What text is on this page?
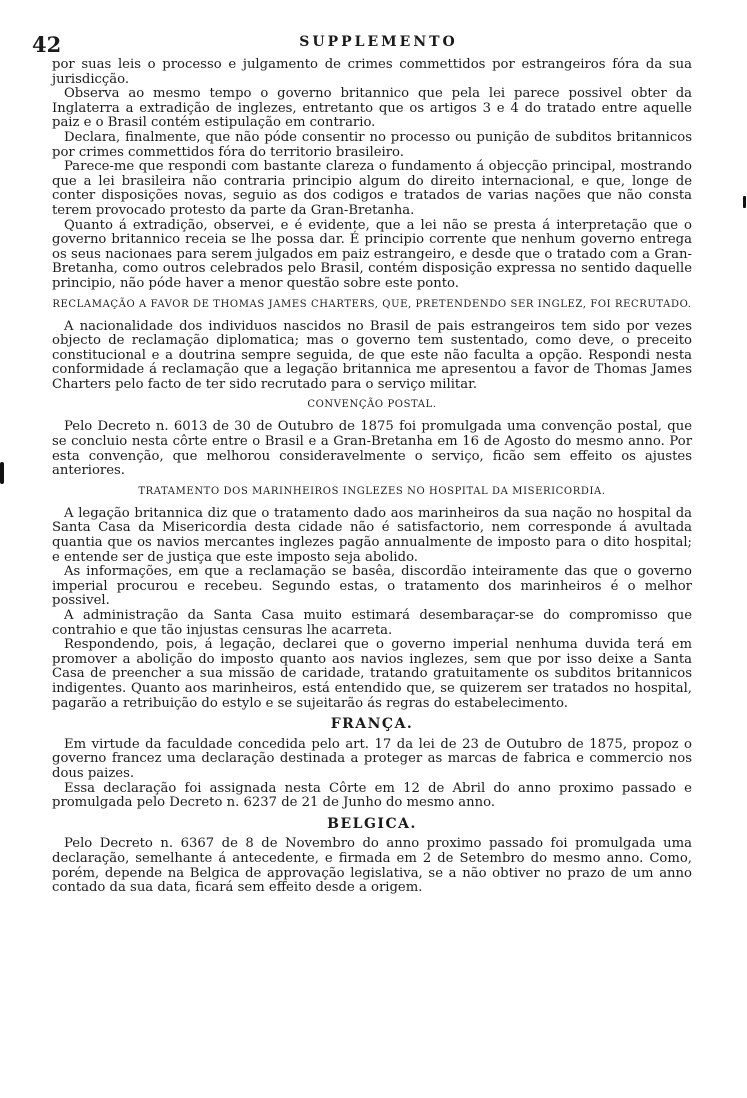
42	SUPPLEMENTO

por suas leis o processo e julgamento de crimes commettidos por estrangeiros fóra da sua jurisdicção.

Observa ao mesmo tempo o governo britannico que pela lei parece possivel obter da Inglaterra a extradição de inglezes, entretanto que os artigos 3 e 4 do tratado entre aquelle paiz e o Brasil contém estipulação em contrario.

Declara, finalmente, que não póde consentir no processo ou punição de subditos britannicos por crimes commettidos fóra do territorio brasileiro.

Parece-me que respondi com bastante clareza o fundamento á objecção principal, mostrando que a lei brasileira não contraria principio algum do direito internacional, e que, longe de conter disposições novas, seguio as dos codigos e tratados de varias nações que não consta terem provocado protesto da parte da Gran-Bretanha.

Quanto á extradição, observei, e é evidente, que a lei não se presta á interpretação que o governo britannico receia se lhe possa dar. É principio corrente que nenhum governo entrega os seus nacionaes para serem julgados em paiz estrangeiro, e desde que o tratado com a Gran-Bretanha, como outros celebrados pelo Brasil, contém disposição expressa no sentido daquelle principio, não póde haver a menor questão sobre este ponto.

RECLAMAÇÃO A FAVOR DE THOMAS JAMES CHARTERS, QUE, PRETENDENDO SER INGLEZ, FOI RECRUTADO.

A nacionalidade dos individuos nascidos no Brasil de pais estrangeiros tem sido por vezes objecto de reclamação diplomatica; mas o governo tem sustentado, como deve, o preceito constitucional e a doutrina sempre seguida, de que este não faculta a opção. Respondi nesta conformidade á reclamação que a legação britannica me apresentou a favor de Thomas James Charters pelo facto de ter sido recrutado para o serviço militar.

CONVENÇÃO POSTAL.

Pelo Decreto n. 6013 de 30 de Outubro de 1875 foi promulgada uma convenção postal, que se concluio nesta côrte entre o Brasil e a Gran-Bretanha em 16 de Agosto do mesmo anno. Por esta convenção, que melhorou consideravelmente o serviço, ficão sem effeito os ajustes anteriores.

TRATAMENTO DOS MARINHEIROS INGLEZES NO HOSPITAL DA MISERICORDIA.

A legação britannica diz que o tratamento dado aos marinheiros da sua nação no hospital da Santa Casa da Misericordia desta cidade não é satisfactorio, nem corresponde á avultada quantia que os navios mercantes inglezes pagão annualmente de imposto para o dito hospital; e entende ser de justiça que este imposto seja abolido.

As informações, em que a reclamação se basêa, discordão inteiramente das que o governo imperial procurou e recebeu. Segundo estas, o tratamento dos marinheiros é o melhor possivel.

A administração da Santa Casa muito estimará desembaraçar-se do compromisso que contrahio e que tão injustas censuras lhe acarreta.

Respondendo, pois, á legação, declarei que o governo imperial nenhuma duvida terá em promover a abolição do imposto quanto aos navios inglezes, sem que por isso deixe a Santa Casa de preencher a sua missão de caridade, tratando gratuitamente os subditos britannicos indigentes. Quanto aos marinheiros, está entendido que, se quizerem ser tratados no hospital, pagarão a retribuição do estylo e se sujeitarão ás regras do estabelecimento.

FRANÇA.

Em virtude da faculdade concedida pelo art. 17 da lei de 23 de Outubro de 1875, propoz o governo francez uma declaração destinada a proteger as marcas de fabrica e commercio nos dous paizes.

Essa declaração foi assignada nesta Côrte em 12 de Abril do anno proximo passado e promulgada pelo Decreto n. 6237 de 21 de Junho do mesmo anno.

BELGICA.

Pelo Decreto n. 6367 de 8 de Novembro do anno proximo passado foi promulgada uma declaração, semelhante á antecedente, e firmada em 2 de Setembro do mesmo anno. Como, porém, depende na Belgica de approvação legislativa, se a não obtiver no prazo de um anno contado da sua data, ficará sem effeito desde a origem.
